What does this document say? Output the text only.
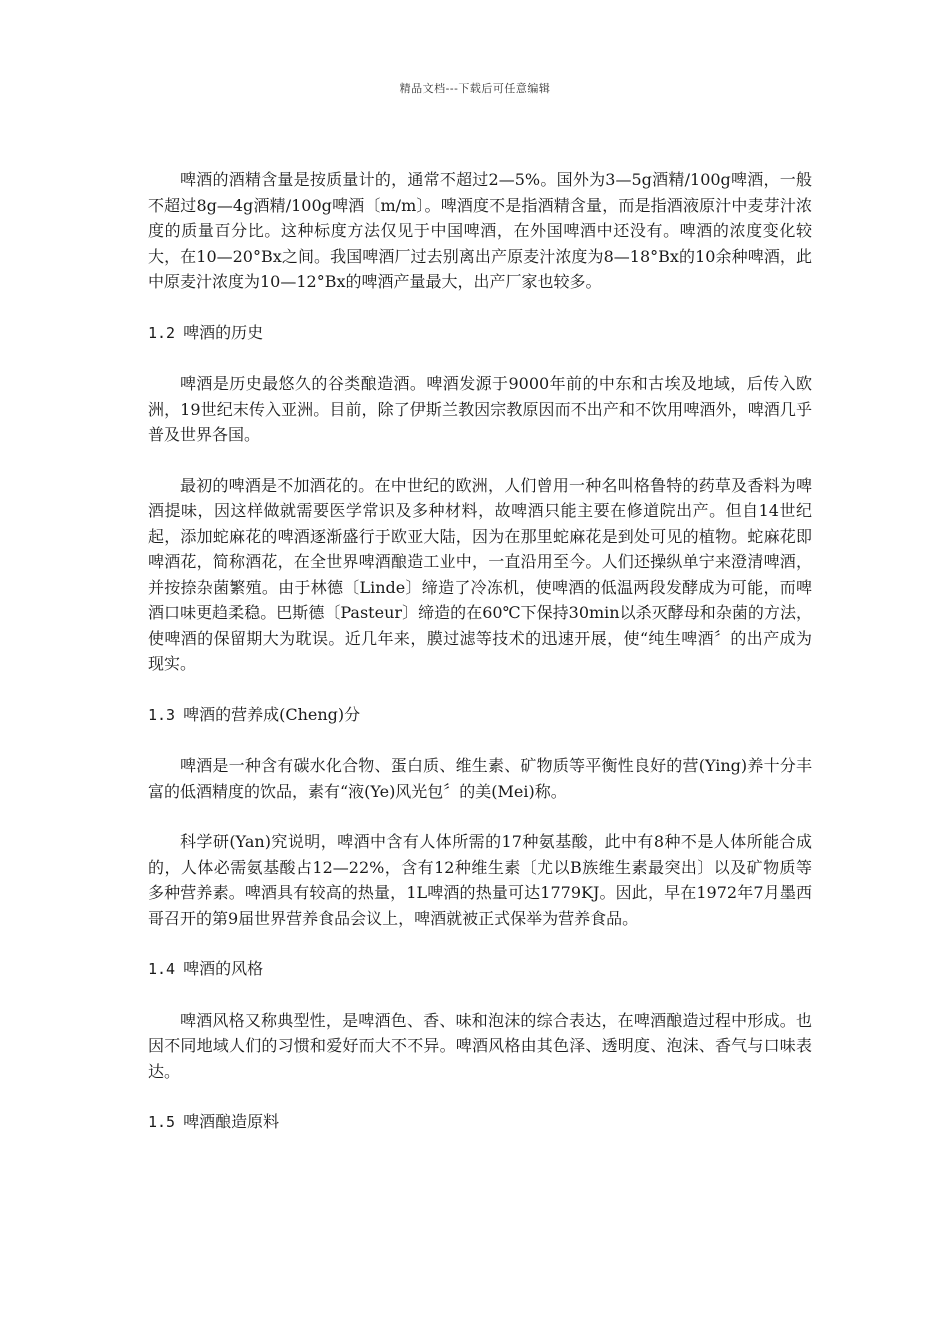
精品文档---下载后可任意编辑

啤酒的酒精含量是按质量计的，通常不超过2—5%。国外为3—5g酒精/100g啤酒，一般不超过8g—4g酒精/100g啤酒〔m/m〕。啤酒度不是指酒精含量，而是指酒液原汁中麦芽汁浓度的质量百分比。这种标度方法仅见于中国啤酒，在外国啤酒中还没有。啤酒的浓度变化较大，在10—20°Bx之间。我国啤酒厂过去别离出产原麦汁浓度为8—18°Bx的10余种啤酒，此中原麦汁浓度为10—12°Bx的啤酒产量最大，出产厂家也较多。

1.2 啤酒的历史

啤酒是历史最悠久的谷类酿造酒。啤酒发源于9000年前的中东和古埃及地域，后传入欧洲，19世纪末传入亚洲。目前，除了伊斯兰教因宗教原因而不出产和不饮用啤酒外，啤酒几乎普及世界各国。

最初的啤酒是不加酒花的。在中世纪的欧洲，人们曾用一种名叫格鲁特的药草及香料为啤酒提味，因这样做就需要医学常识及多种材料，故啤酒只能主要在修道院出产。但自14世纪起，添加蛇麻花的啤酒逐渐盛行于欧亚大陆，因为在那里蛇麻花是到处可见的植物。蛇麻花即啤酒花，简称酒花，在全世界啤酒酿造工业中，一直沿用至今。人们还操纵单宁来澄清啤酒，并按捺杂菌繁殖。由于林德〔Linde〕缔造了冷冻机，使啤酒的低温两段发酵成为可能，而啤酒口味更趋柔稳。巴斯德〔Pasteur〕缔造的在60℃下保持30min以杀灭酵母和杂菌的方法，使啤酒的保留期大为耽误。近几年来，膜过滤等技术的迅速开展，使“纯生啤酒〞的出产成为现实。

1.3 啤酒的营养成(Cheng)分

啤酒是一种含有碳水化合物、蛋白质、维生素、矿物质等平衡性良好的营(Ying)养十分丰富的低酒精度的饮品，素有“液(Ye)风光包〞的美(Mei)称。

科学研(Yan)究说明，啤酒中含有人体所需的17种氨基酸，此中有8种不是人体所能合成的，人体必需氨基酸占12—22%，含有12种维生素〔尤以B族维生素最突出〕以及矿物质等多种营养素。啤酒具有较高的热量，1L啤酒的热量可达1779KJ。因此，早在1972年7月墨西哥召开的第9届世界营养食品会议上，啤酒就被正式保举为营养食品。

1.4 啤酒的风格

啤酒风格又称典型性，是啤酒色、香、味和泡沫的综合表达，在啤酒酿造过程中形成。也因不同地域人们的习惯和爱好而大不不异。啤酒风格由其色泽、透明度、泡沫、香气与口味表达。

1.5 啤酒酿造原料
